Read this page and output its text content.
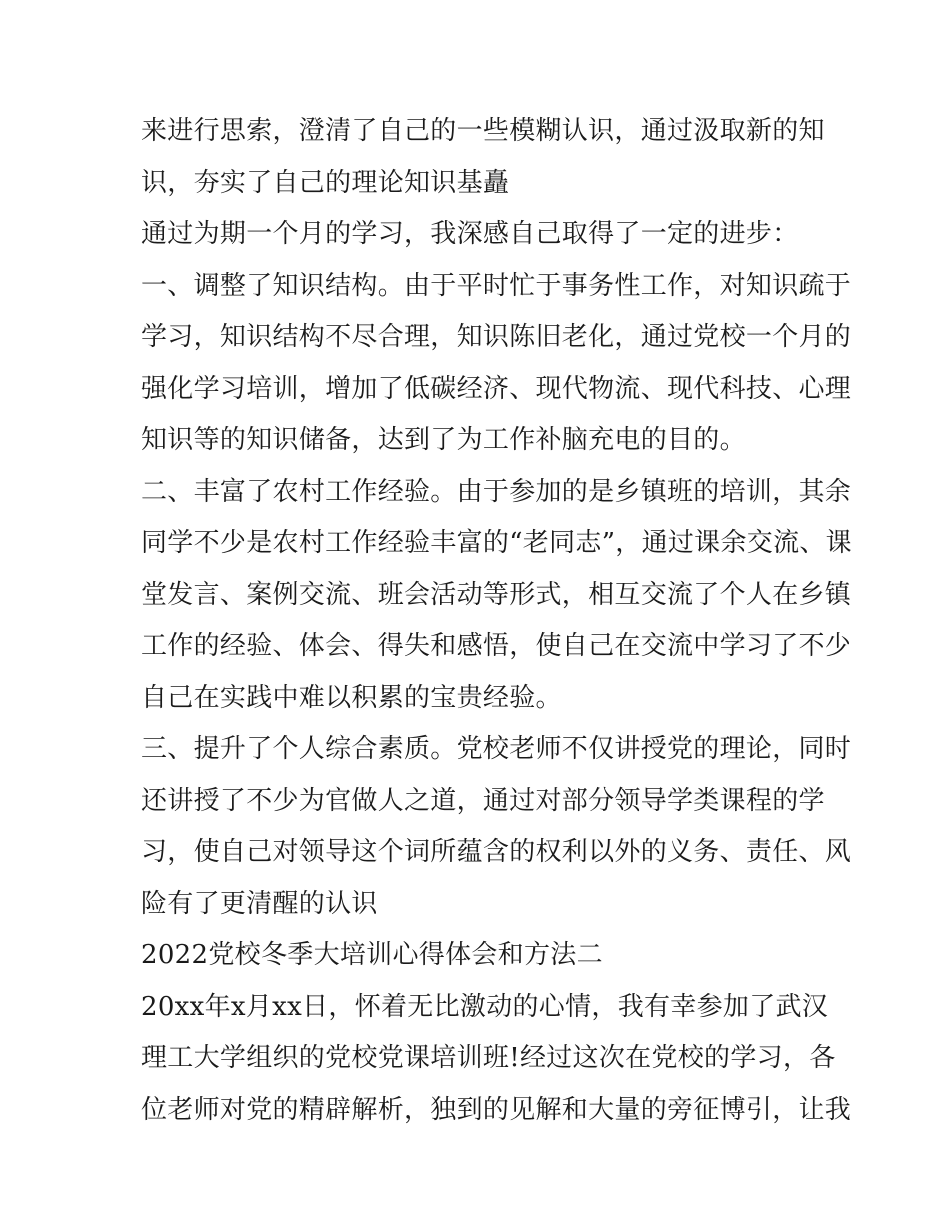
来进行思索，澄清了自己的一些模糊认识，通过汲取新的知
识，夯实了自己的理论知识基矗
通过为期一个月的学习，我深感自己取得了一定的进步：
一、调整了知识结构。由于平时忙于事务性工作，对知识疏于
学习，知识结构不尽合理，知识陈旧老化，通过党校一个月的
强化学习培训，增加了低碳经济、现代物流、现代科技、心理
知识等的知识储备，达到了为工作补脑充电的目的。
二、丰富了农村工作经验。由于参加的是乡镇班的培训，其余
同学不少是农村工作经验丰富的“老同志”，通过课余交流、课
堂发言、案例交流、班会活动等形式，相互交流了个人在乡镇
工作的经验、体会、得失和感悟，使自己在交流中学习了不少
自己在实践中难以积累的宝贵经验。
三、提升了个人综合素质。党校老师不仅讲授党的理论，同时
还讲授了不少为官做人之道，通过对部分领导学类课程的学
习，使自己对领导这个词所蕴含的权利以外的义务、责任、风
险有了更清醒的认识
2022党校冬季大培训心得体会和方法二
20xx年x月xx日，怀着无比激动的心情，我有幸参加了武汉
理工大学组织的党校党课培训班!经过这次在党校的学习，各
位老师对党的精辟解析，独到的见解和大量的旁征博引，让我
